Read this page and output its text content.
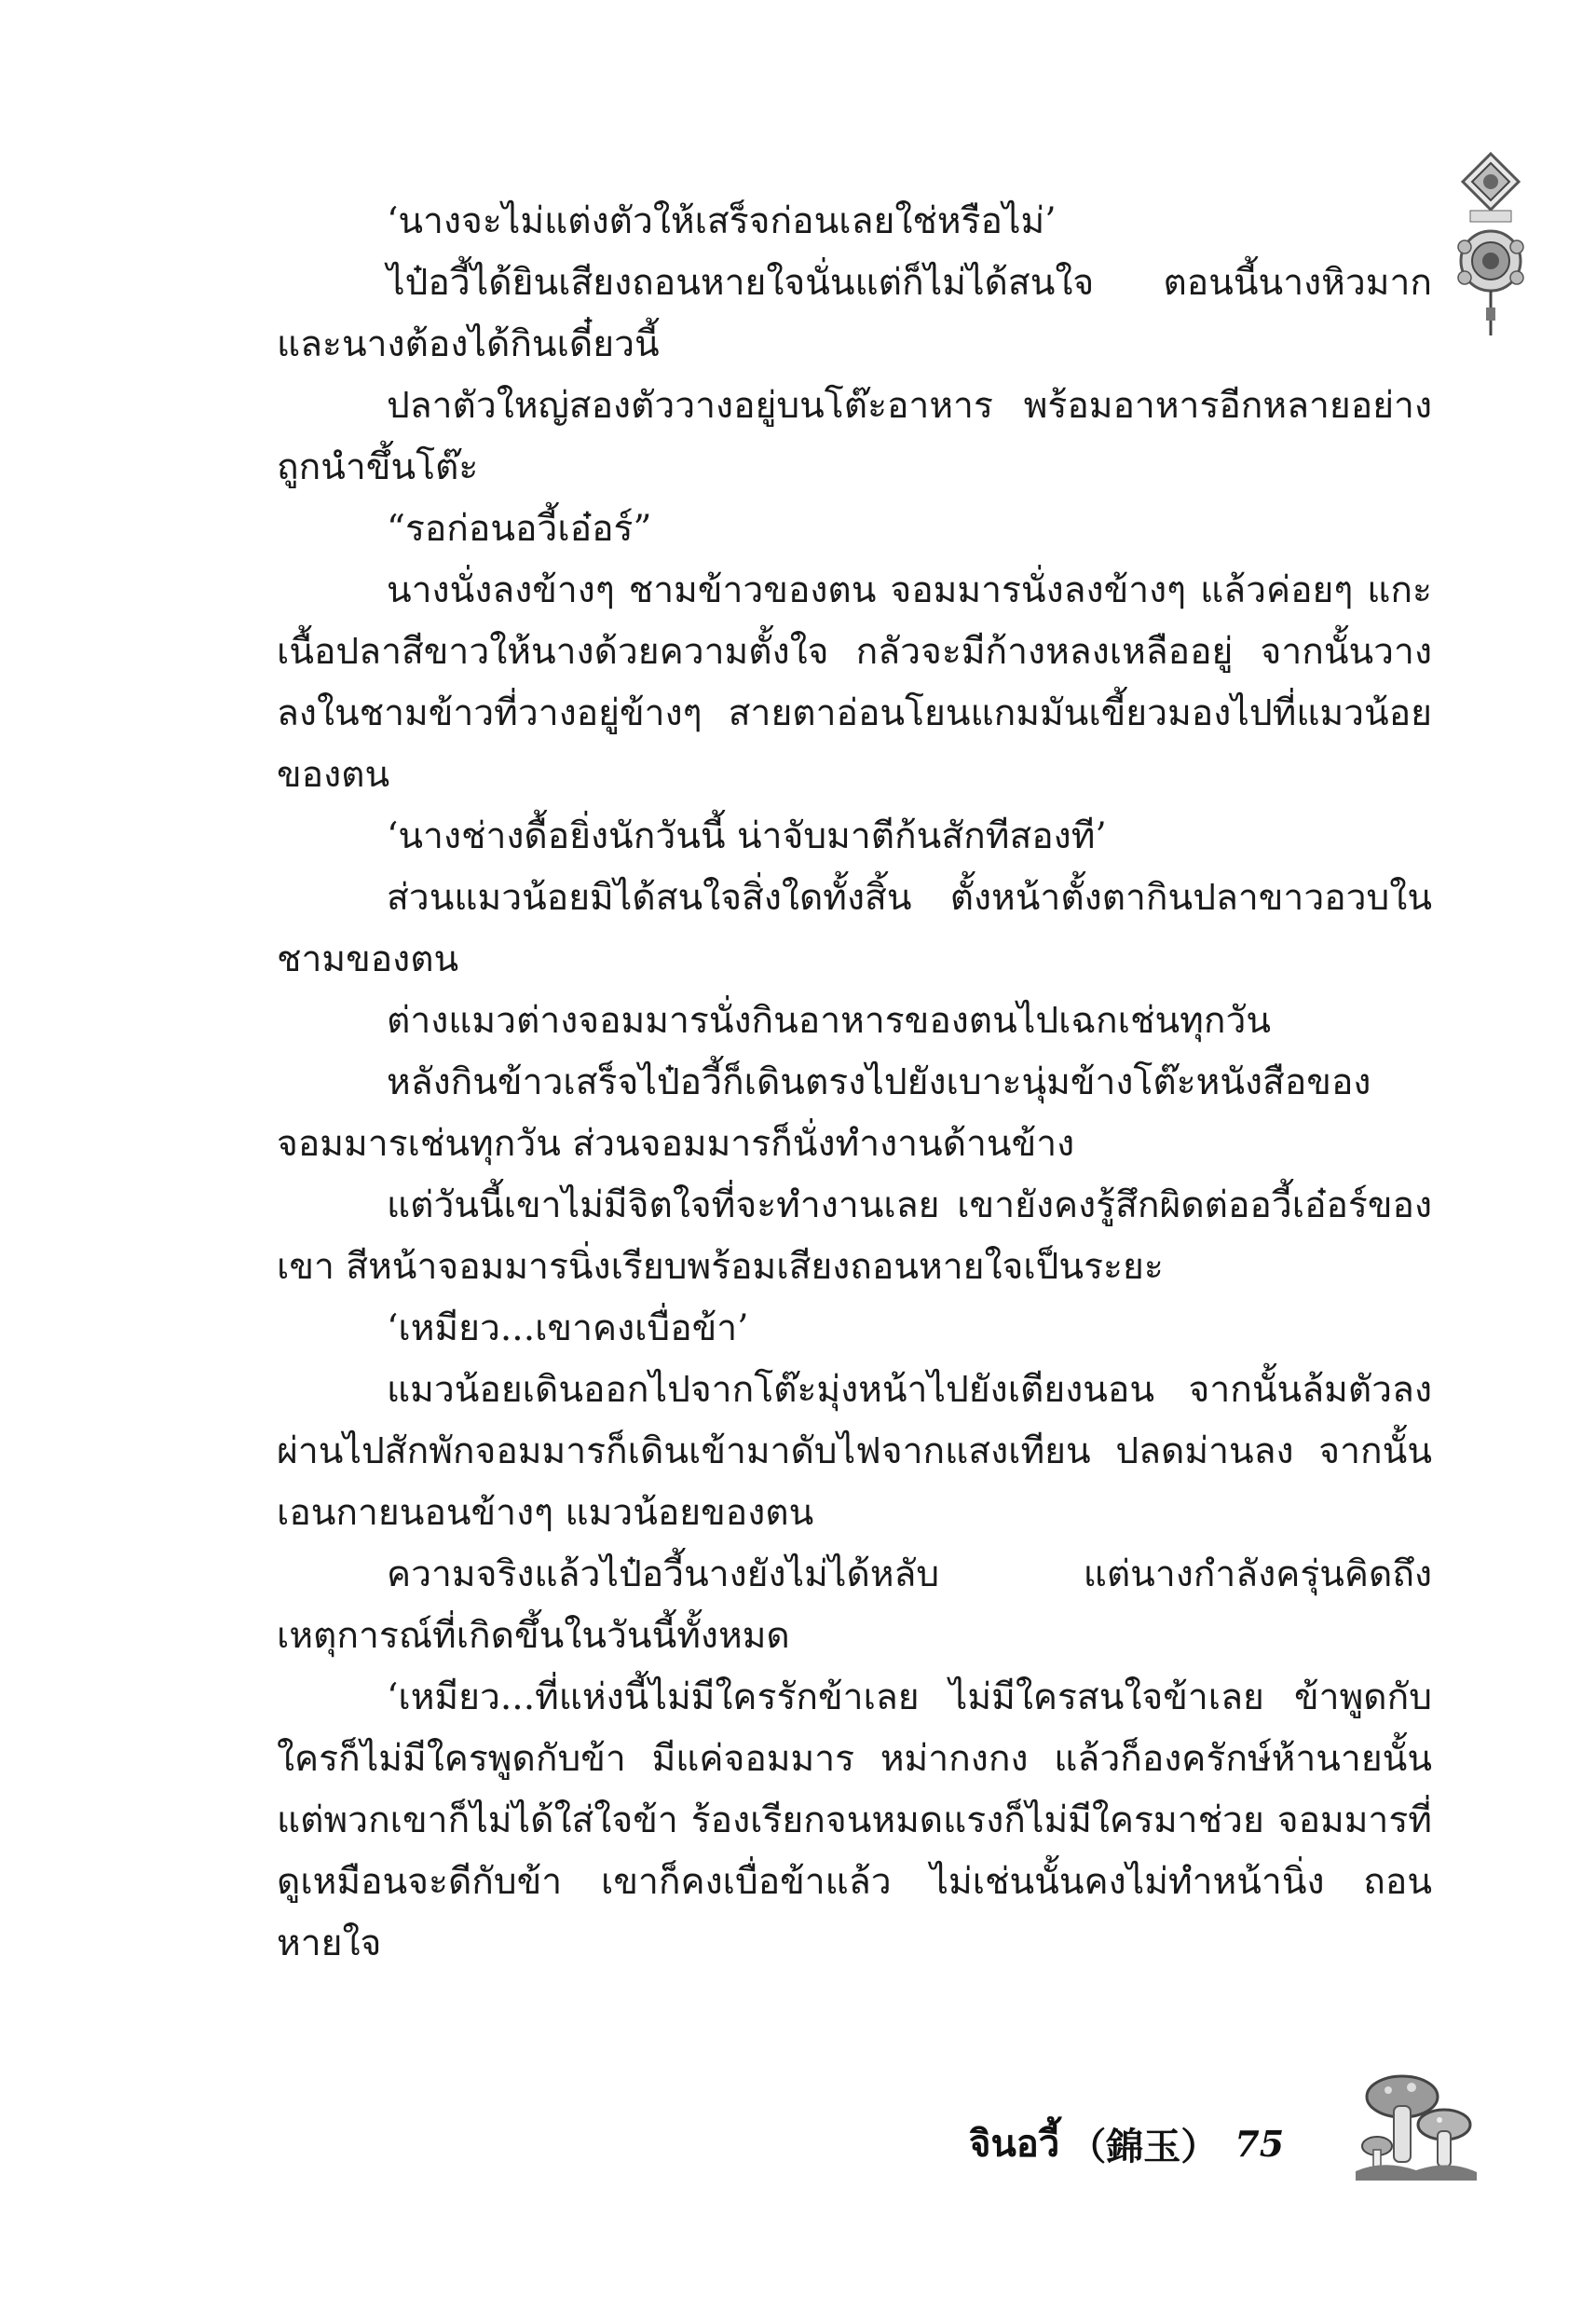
‘นางจะไม่แต่งตัวให้เสร็จก่อนเลยใช่หรือไม่’

ไป๋อวี้ได้ยินเสียงถอนหายใจนั่นแต่ก็ไม่ได้สนใจ ตอนนี้นางหิวมาก และนางต้องได้กินเดี๋ยวนี้

ปลาตัวใหญ่สองตัววางอยู่บนโต๊ะอาหาร พร้อมอาหารอีกหลายอย่าง ถูกนำขึ้นโต๊ะ

“รอก่อนอวี้เอ๋อร์”

นางนั่งลงข้างๆ ชามข้าวของตน จอมมารนั่งลงข้างๆ แล้วค่อยๆ แกะเนื้อปลาสีขาวให้นางด้วยความตั้งใจ กลัวจะมีก้างหลงเหลืออยู่ จากนั้นวางลงในชามข้าวที่วางอยู่ข้างๆ สายตาอ่อนโยนแกมมันเขี้ยวมองไปที่แมวน้อยของตน

‘นางช่างดื้อยิ่งนักวันนี้ น่าจับมาตีก้นสักทีสองที’

ส่วนแมวน้อยมิได้สนใจสิ่งใดทั้งสิ้น ตั้งหน้าตั้งตากินปลาขาวอวบในชามของตน

ต่างแมวต่างจอมมารนั่งกินอาหารของตนไปเฉกเช่นทุกวัน

หลังกินข้าวเสร็จไป๋อวี้ก็เดินตรงไปยังเบาะนุ่มข้างโต๊ะหนังสือของจอมมารเช่นทุกวัน ส่วนจอมมารก็นั่งทำงานด้านข้าง

แต่วันนี้เขาไม่มีจิตใจที่จะทำงานเลย เขายังคงรู้สึกผิดต่ออวี้เอ๋อร์ของเขา สีหน้าจอมมารนิ่งเรียบพร้อมเสียงถอนหายใจเป็นระยะ

‘เหมียว...เขาคงเบื่อข้า’

แมวน้อยเดินออกไปจากโต๊ะมุ่งหน้าไปยังเตียงนอน จากนั้นล้มตัวลง ผ่านไปสักพักจอมมารก็เดินเข้ามาดับไฟจากแสงเทียน ปลดม่านลง จากนั้นเอนกายนอนข้างๆ แมวน้อยของตน

ความจริงแล้วไป๋อวี้นางยังไม่ได้หลับ แต่นางกำลังครุ่นคิดถึงเหตุการณ์ที่เกิดขึ้นในวันนี้ทั้งหมด

‘เหมียว...ที่แห่งนี้ไม่มีใครรักข้าเลย ไม่มีใครสนใจข้าเลย ข้าพูดกับใครก็ไม่มีใครพูดกับข้า มีแค่จอมมาร หม่ากงกง แล้วก็องครักษ์ห้านายนั้น แต่พวกเขาก็ไม่ได้ใส่ใจข้า ร้องเรียกจนหมดแรงก็ไม่มีใครมาช่วย จอมมารที่ดูเหมือนจะดีกับข้า เขาก็คงเบื่อข้าแล้ว ไม่เช่นนั้นคงไม่ทำหน้านิ่ง ถอนหายใจ

จินอวี้ （錦玉） 75
